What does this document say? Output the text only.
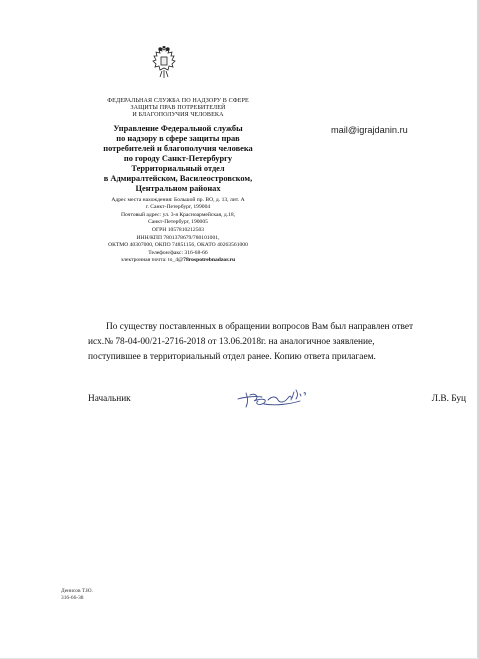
ФЕДЕРАЛЬНАЯ СЛУЖБА ПО НАДЗОРУ В СФЕРЕ
ЗАЩИТЫ ПРАВ ПОТРЕБИТЕЛЕЙ
И БЛАГОПОЛУЧИЯ ЧЕЛОВЕКА
Управление Федеральной службы
по надзору в сфере защиты прав
потребителей и благополучия человека
по городу Санкт-Петербургу
Территориальный отдел
в Адмиралтейском, Василеостровском,
Центральном районах
Адрес места нахождения: Большой пр. ВО, д. 13, лит. А
г. Санкт-Петербург, 199004
Почтовый адрес: ул. 3-я Красноармейская, д.18,
Санкт-Петербург, 190005
ОГРН 1057810212503
ИНН/КПП 7801378679/780101001,
ОКТМО 40307000, ОКПО 74851156, ОКАТО 40263561000
Телефон/факс: 316-68-66
электронная почта: to_4@78rospotrebnadzor.ru
mail@igrajdanin.ru
По существу поставленных в обращении вопросов Вам был направлен ответ
исх.№ 78-04-00/21-2716-2018 от 13.06.2018г. на аналогичное заявление,
поступившее в территориальный отдел ранее. Копию ответа прилагаем.
Начальник	Л.В. Буц
Денисов Т.Ю.
316-66-38
